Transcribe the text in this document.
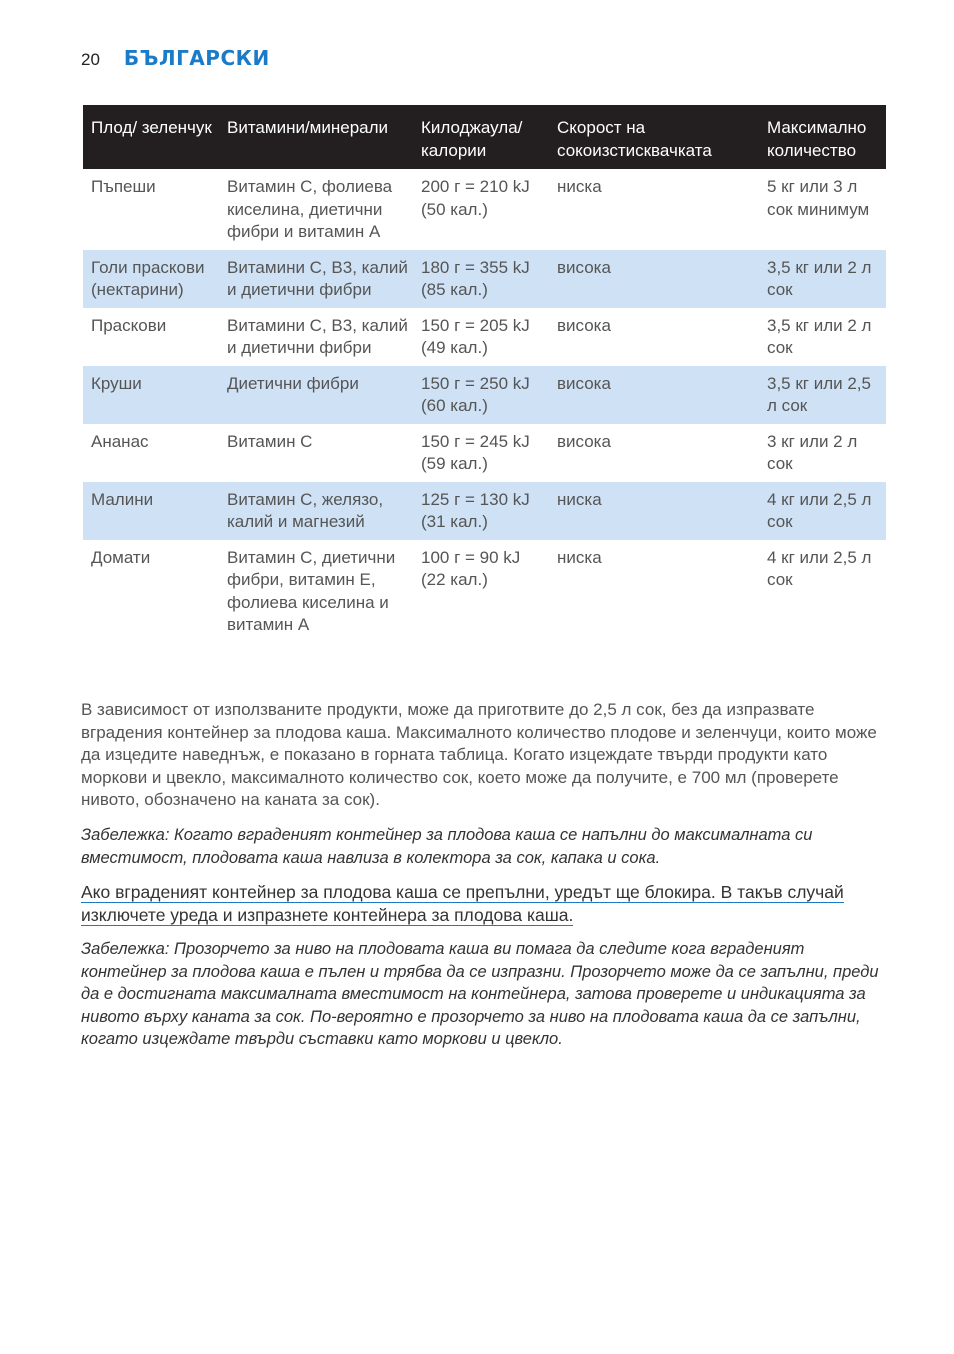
20 БЪЛГАРСКИ
Плод/ зеленчук	Витамини/минерали	Килоджаула/ калории	Скорост на сокоизстисквачката	Максимално количество
Пъпеши	Витамин C, фолиева киселина, диетични фибри и витамин A	200 г = 210 kJ (50 кал.)	ниска	5 кг или 3 л сок минимум
Голи праскови (нектарини)	Витамини C, B3, калий и диетични фибри	180 г = 355 kJ (85 кал.)	висока	3,5 кг или 2 л сок
Праскови	Витамини C, B3, калий и диетични фибри	150 г = 205 kJ (49 кал.)	висока	3,5 кг или 2 л сок
Круши	Диетични фибри	150 г = 250 kJ (60 кал.)	висока	3,5 кг или 2,5 л сок
Ананас	Витамин C	150 г = 245 kJ (59 кал.)	висока	3 кг или 2 л сок
Малини	Витамин C, желязо, калий и магнезий	125 г = 130 kJ (31 кал.)	ниска	4 кг или 2,5 л сок
Домати	Витамин C, диетични фибри, витамин E, фолиева киселина и витамин A	100 г = 90 kJ (22 кал.)	ниска	4 кг или 2,5 л сок
В зависимост от използваните продукти, може да приготвите до 2,5 л сок, без да изпразвате вградения контейнер за плодова каша. Максималното количество плодове и зеленчуци, които може да изцедите наведнъж, е показано в горната таблица. Когато изцеждате твърди продукти като моркови и цвекло, максималното количество сок, което може да получите, е 700 мл (проверете нивото, обозначено на каната за сок).
Забележка: Когато вграденият контейнер за плодова каша се напълни до максималната си вместимост, плодовата каша навлиза в колектора за сок, капака и сока.
Ако вграденият контейнер за плодова каша се препълни, уредът ще блокира. В такъв случай изключете уреда и изпразнете контейнера за плодова каша.
Забележка: Прозорчето за ниво на плодовата каша ви помага да следите кога вграденият контейнер за плодова каша е пълен и трябва да се изпразни. Прозорчето може да се запълни, преди да е достигната максималната вместимост на контейнера, затова проверете и индикацията за нивото върху каната за сок. По-вероятно е прозорчето за ниво на плодовата каша да се запълни, когато изцеждате твърди съставки като моркови и цвекло.
